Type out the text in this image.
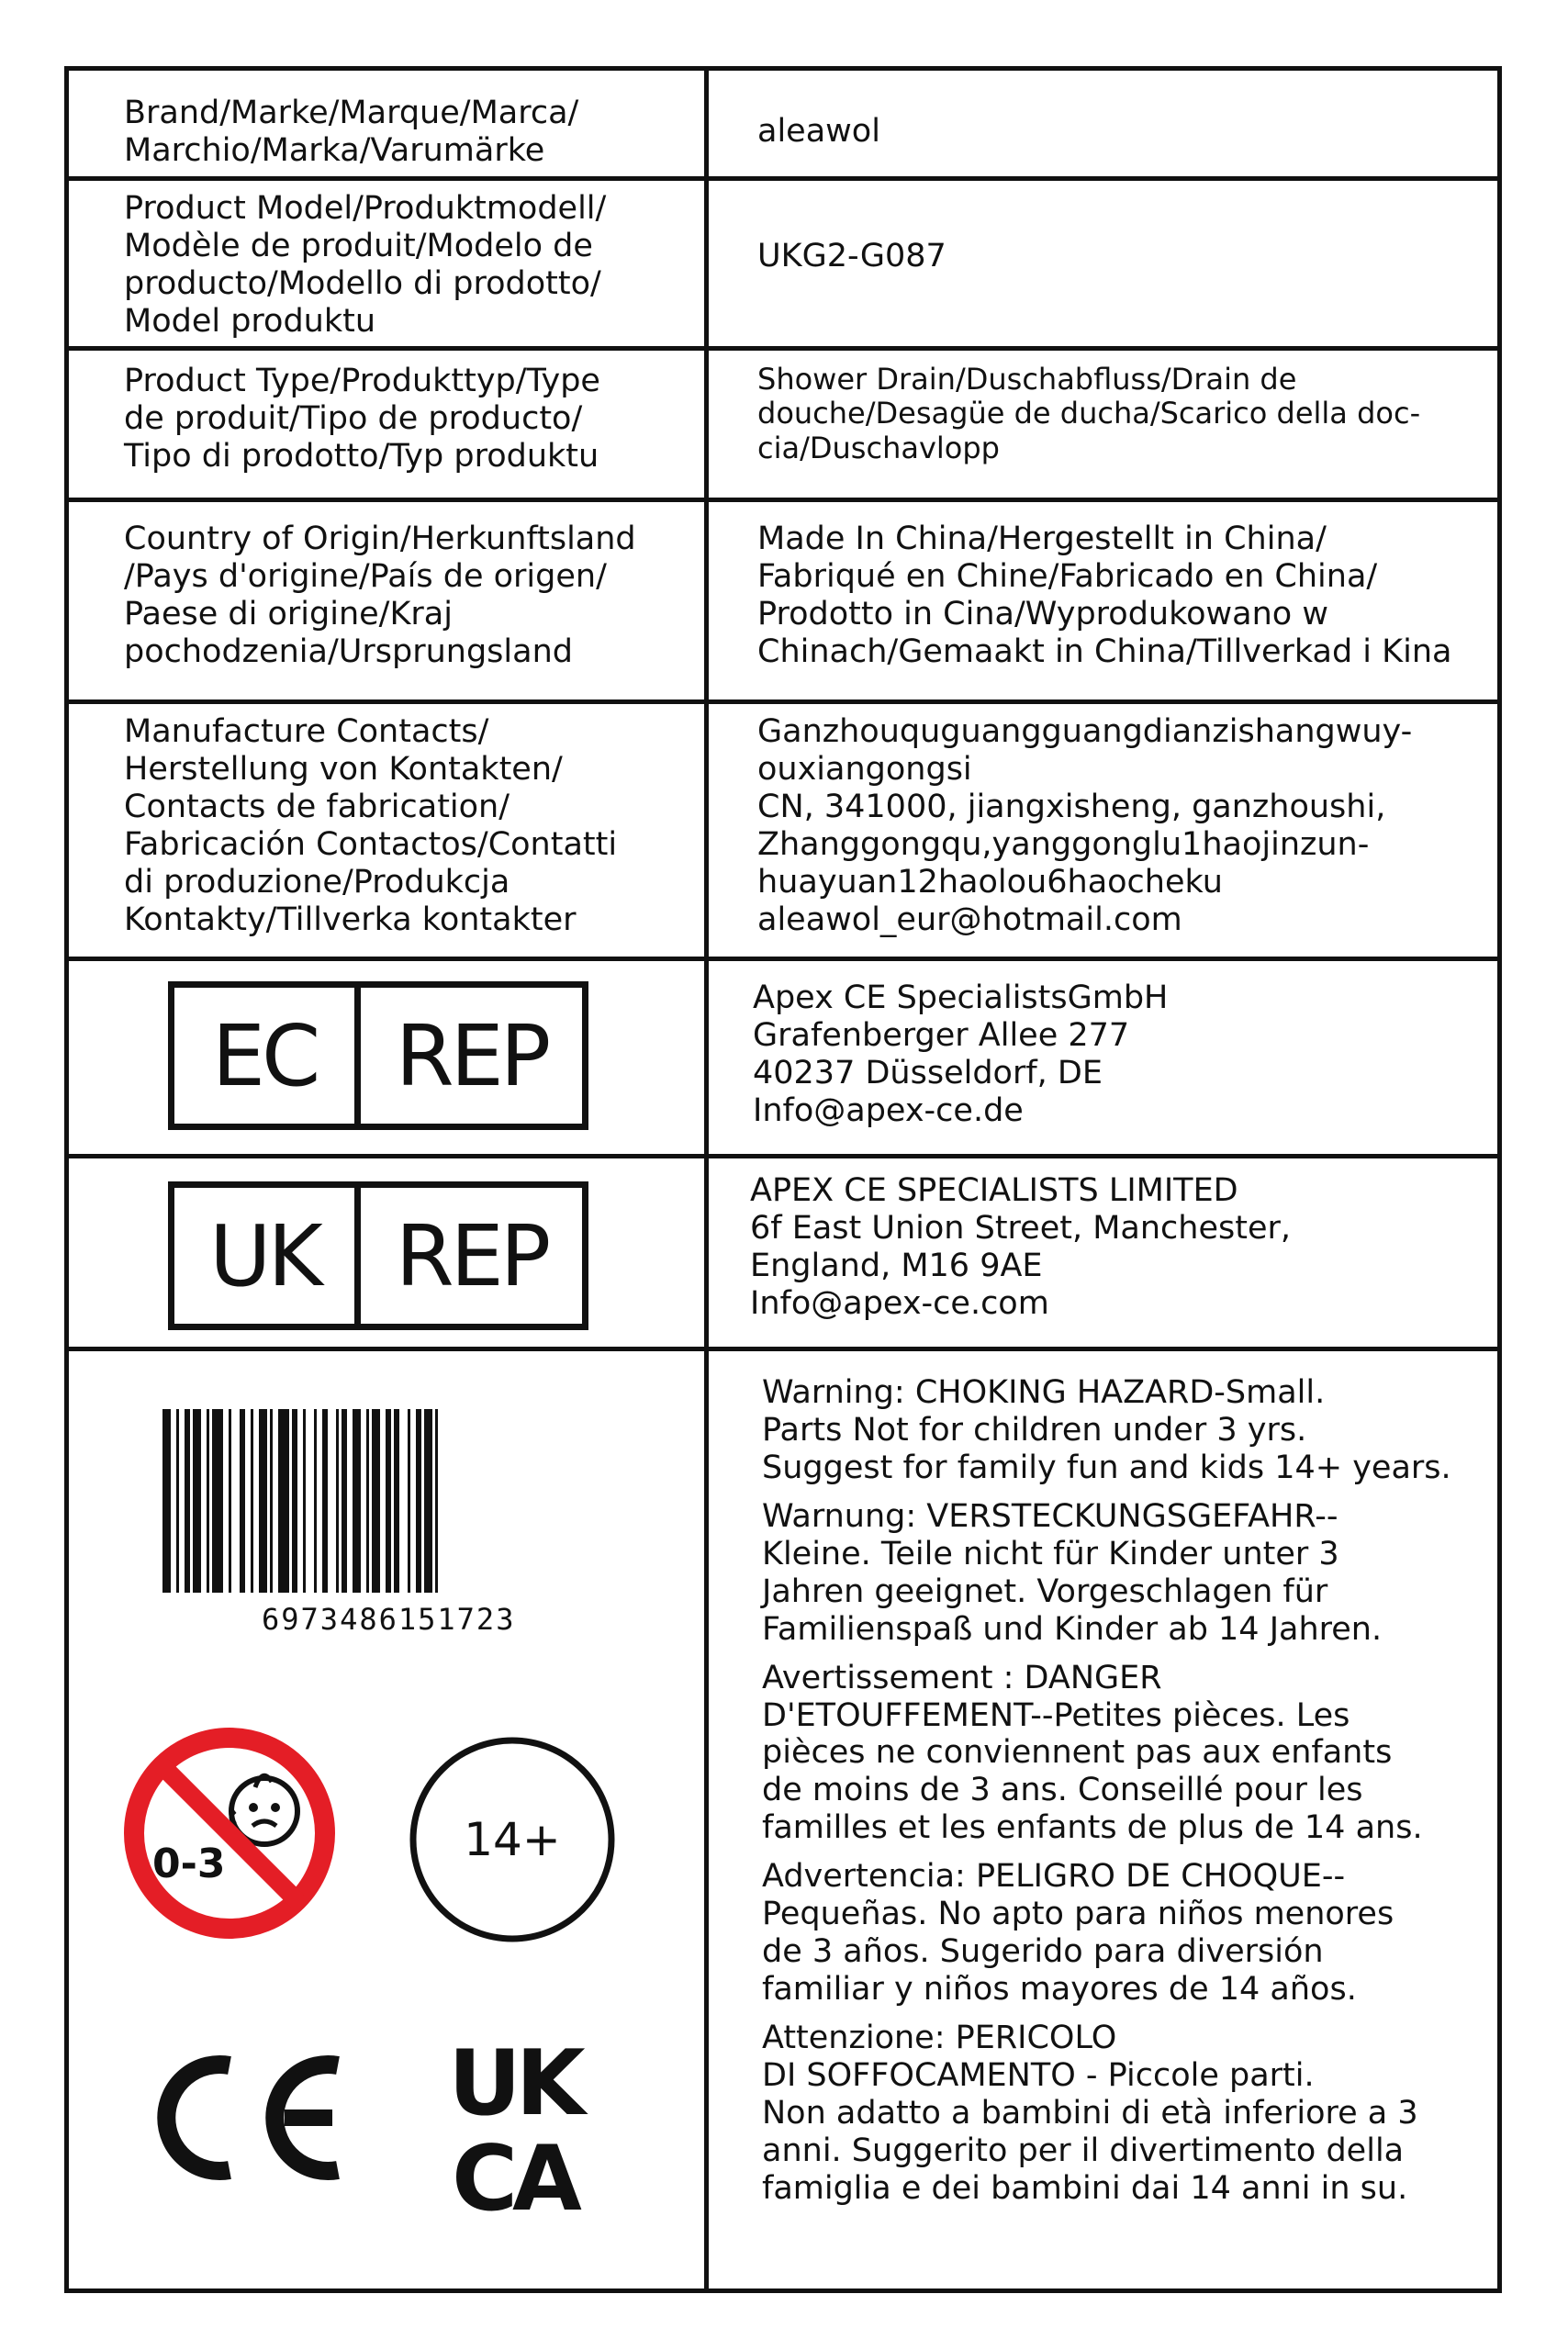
Brand/Marke/Marque/Marca/
Marchio/Marka/Varumärke
aleawol
Product Model/Produktmodell/
Modèle de produit/Modelo de
producto/Modello di prodotto/
Model produktu
UKG2-G087
Product Type/Produkttyp/Type
de produit/Tipo de producto/
Tipo di prodotto/Typ produktu
Shower Drain/Duschabfluss/Drain de
douche/Desagüe de ducha/Scarico della doc-
cia/Duschavlopp
Country of Origin/Herkunftsland
/Pays d'origine/País de origen/
Paese di origine/Kraj
pochodzenia/Ursprungsland
Made In China/Hergestellt in China/
Fabriqué en Chine/Fabricado en China/
Prodotto in Cina/Wyprodukowano w
Chinach/Gemaakt in China/Tillverkad i Kina
Manufacture Contacts/
Herstellung von Kontakten/
Contacts de fabrication/
Fabricación Contactos/Contatti
di produzione/Produkcja
Kontakty/Tillverka kontakter
Ganzhouquguangguangdianzishangwuy-
ouxiangongsi
CN, 341000, jiangxisheng, ganzhoushi,
Zhanggongqu,yanggonglu1haojinzun-
huayuan12haolou6haocheku
aleawol_eur@hotmail.com
EC REP
Apex CE SpecialistsGmbH
Grafenberger Allee 277
40237 Düsseldorf, DE
Info@apex-ce.de
UK REP
APEX CE SPECIALISTS LIMITED
6f East Union Street, Manchester,
England, M16 9AE
Info@apex-ce.com
6973486151723
0-3	14+
UK
CA

Warning: CHOKING HAZARD-Small.
Parts Not for children under 3 yrs.
Suggest for family fun and kids 14+ years.

Warnung: VERSTECKUNGSGEFAHR--
Kleine. Teile nicht für Kinder unter 3
Jahren geeignet. Vorgeschlagen für
Familienspaß und Kinder ab 14 Jahren.

Avertissement : DANGER
D'ETOUFFEMENT--Petites pièces. Les
pièces ne conviennent pas aux enfants
de moins de 3 ans. Conseillé pour les
familles et les enfants de plus de 14 ans.

Advertencia: PELIGRO DE CHOQUE--
Pequeñas. No apto para niños menores
de 3 años. Sugerido para diversión
familiar y niños mayores de 14 años.

Attenzione: PERICOLO
DI SOFFOCAMENTO - Piccole parti.
Non adatto a bambini di età inferiore a 3
anni. Suggerito per il divertimento della
famiglia e dei bambini dai 14 anni in su.
